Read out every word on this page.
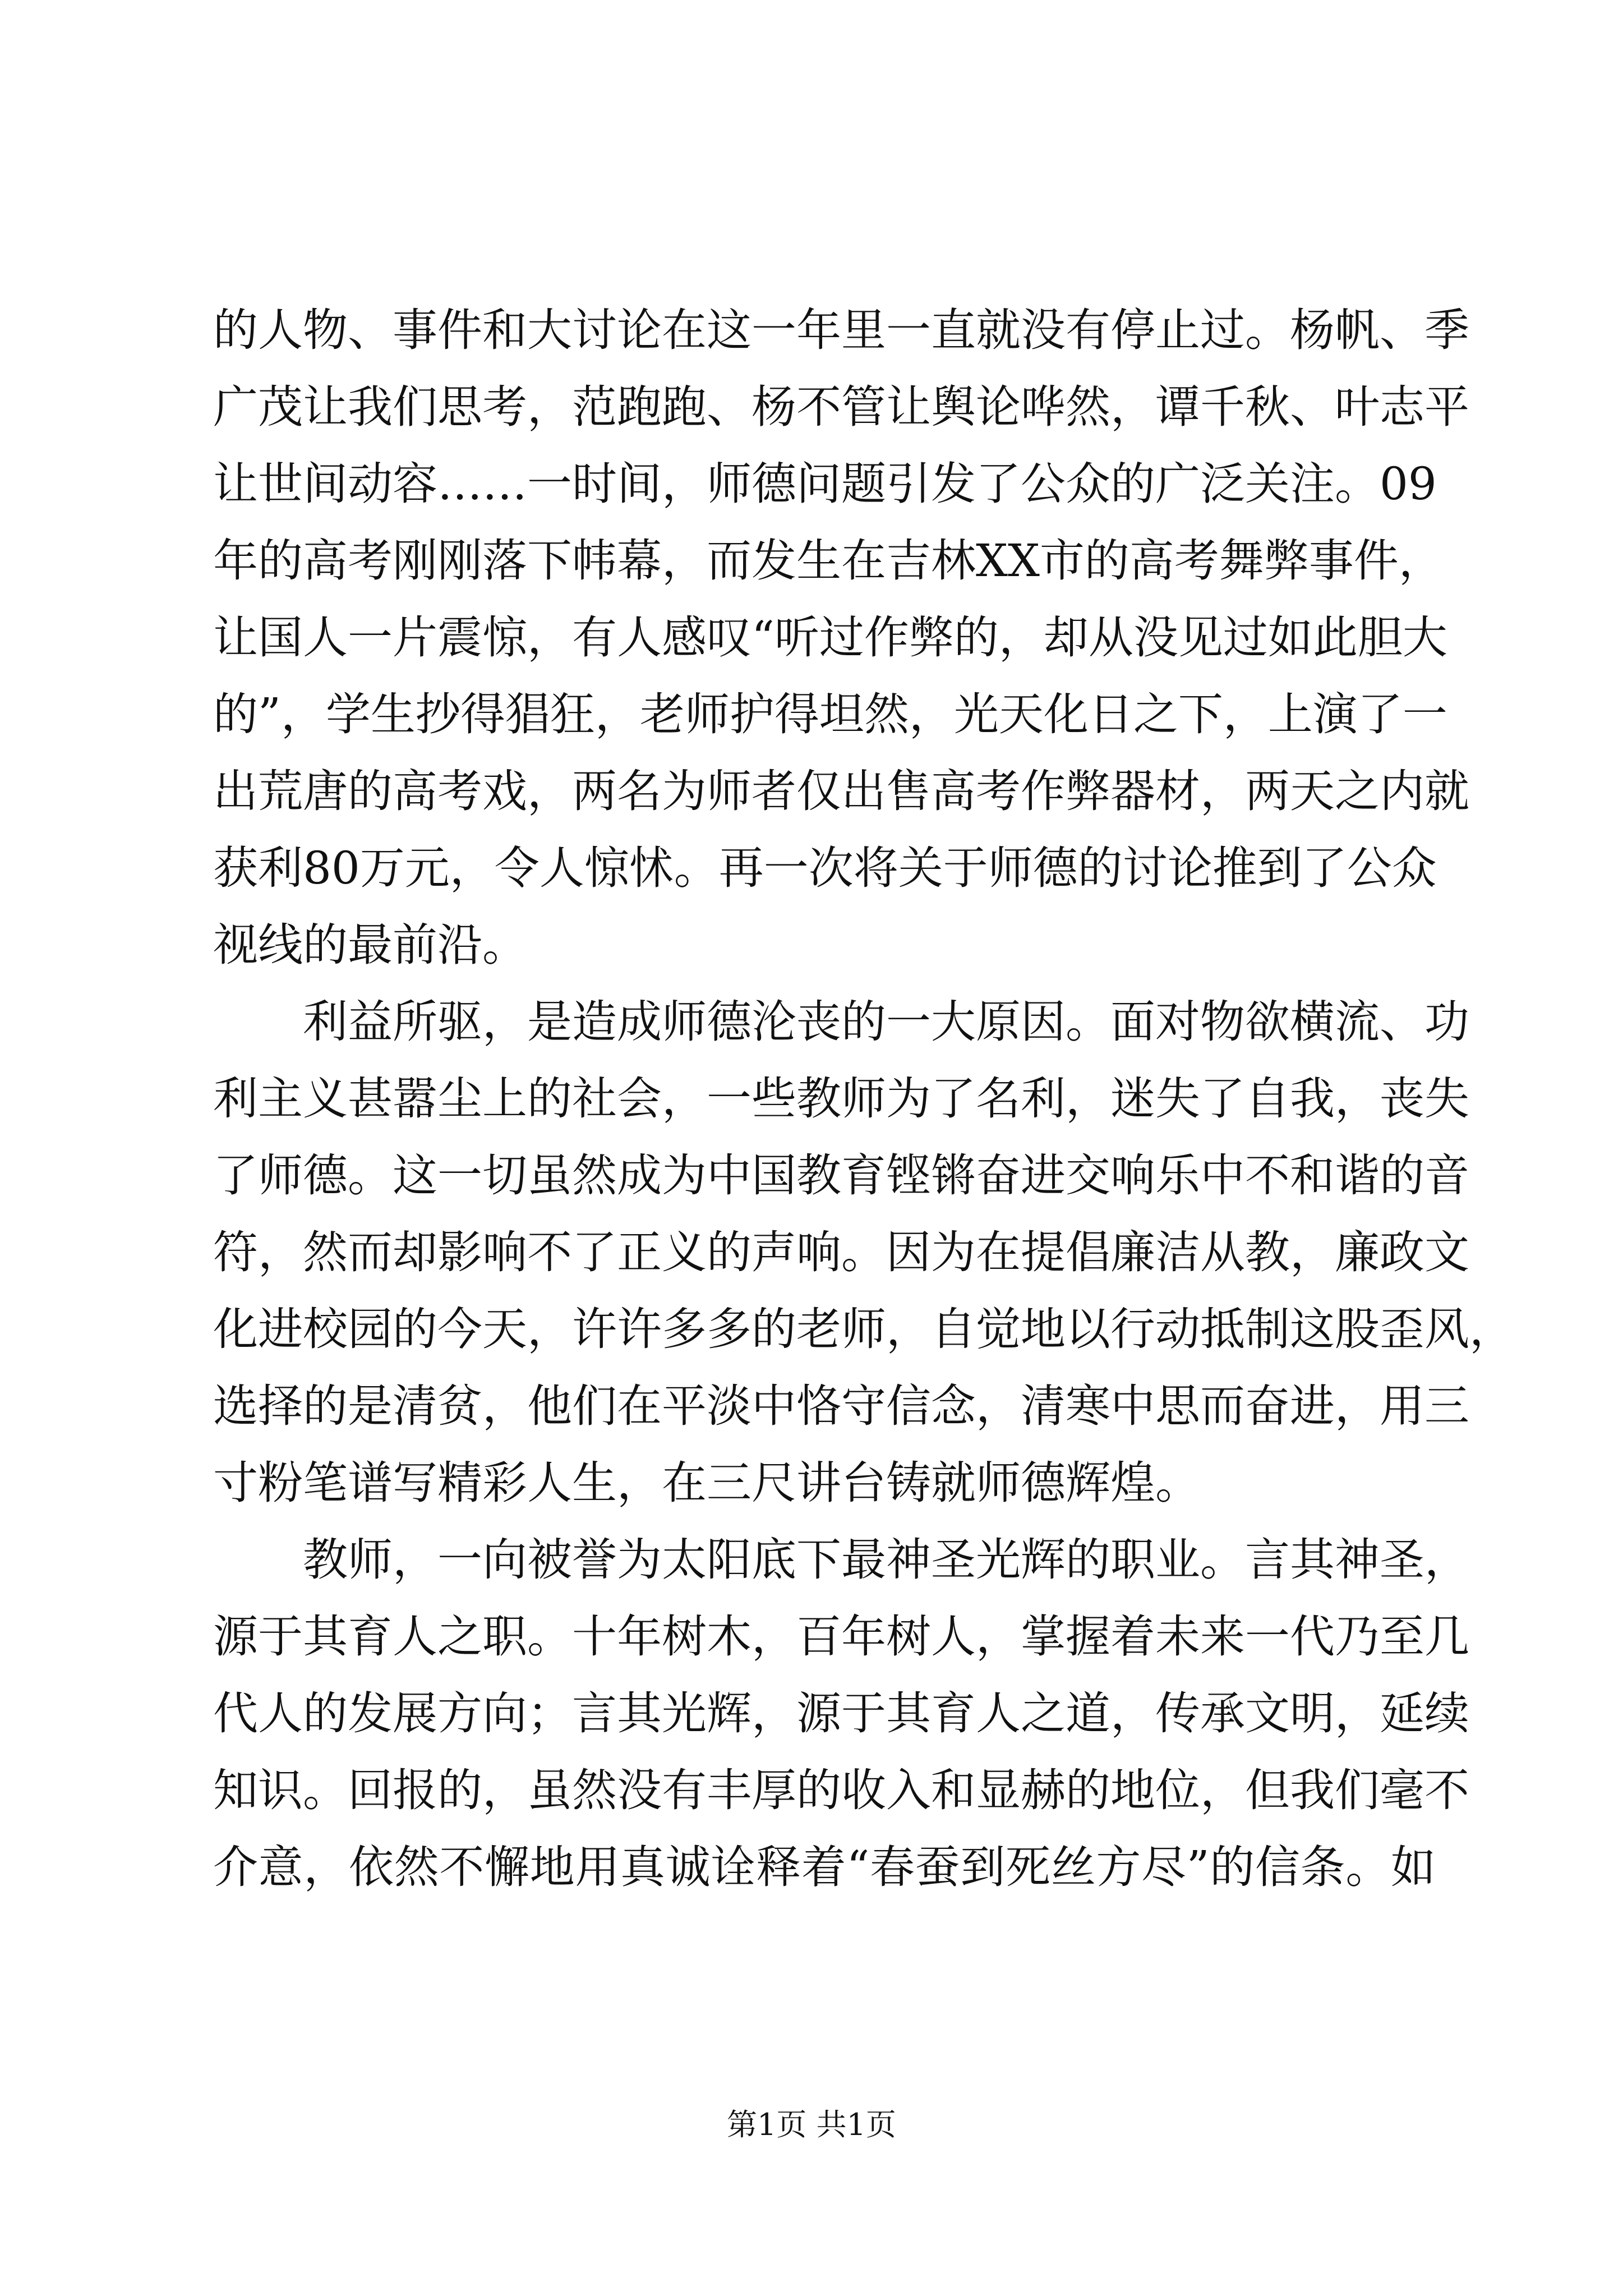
的人物、事件和大讨论在这一年里一直就没有停止过。杨帆、季
广茂让我们思考，范跑跑、杨不管让舆论哗然，谭千秋、叶志平
让世间动容……一时间，师德问题引发了公众的广泛关注。09
年的高考刚刚落下帏幕，而发生在吉林XX市的高考舞弊事件，
让国人一片震惊，有人感叹“听过作弊的，却从没见过如此胆大
的”，学生抄得猖狂，老师护得坦然，光天化日之下，上演了一
出荒唐的高考戏，两名为师者仅出售高考作弊器材，两天之内就
获利80万元，令人惊怵。再一次将关于师德的讨论推到了公众
视线的最前沿。
利益所驱，是造成师德沦丧的一大原因。面对物欲横流、功
利主义甚嚣尘上的社会，一些教师为了名利，迷失了自我，丧失
了师德。这一切虽然成为中国教育铿锵奋进交响乐中不和谐的音
符，然而却影响不了正义的声响。因为在提倡廉洁从教，廉政文
化进校园的今天，许许多多的老师，自觉地以行动抵制这股歪风，
选择的是清贫，他们在平淡中恪守信念，清寒中思而奋进，用三
寸粉笔谱写精彩人生，在三尺讲台铸就师德辉煌。
教师，一向被誉为太阳底下最神圣光辉的职业。言其神圣，
源于其育人之职。十年树木，百年树人，掌握着未来一代乃至几
代人的发展方向；言其光辉，源于其育人之道，传承文明，延续
知识。回报的，虽然没有丰厚的收入和显赫的地位，但我们毫不
介意，依然不懈地用真诚诠释着“春蚕到死丝方尽”的信条。如
第1页 共1页
